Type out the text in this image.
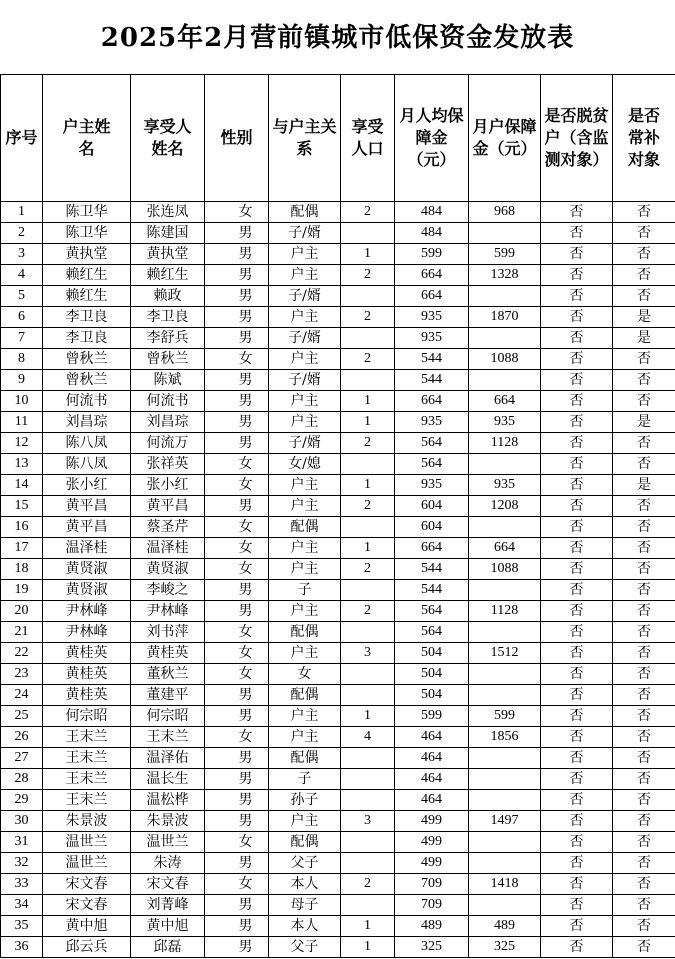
2025年2月营前镇城市低保资金发放表
序号	户主姓名	享受人姓名	性别	与户主关系	享受人口	月人均保障金（元）	月户保障金（元）	是否脱贫户（含监测对象）	是否常补对象
1	陈卫华	张连凤	女	配偶	2	484	968	否	否
2	陈卫华	陈建国	男	子/婿		484		否	否
3	黄执堂	黄执堂	男	户主	1	599	599	否	否
4	赖红生	赖红生	男	户主	2	664	1328	否	否
5	赖红生	赖政	男	子/婿		664		否	否
6	李卫良	李卫良	男	户主	2	935	1870	否	是
7	李卫良	李舒兵	男	子/婿		935		否	是
8	曾秋兰	曾秋兰	女	户主	2	544	1088	否	否
9	曾秋兰	陈斌	男	子/婿		544		否	否
10	何流书	何流书	男	户主	1	664	664	否	否
11	刘昌琮	刘昌琮	男	户主	1	935	935	否	是
12	陈八凤	何流万	男	子/婿	2	564	1128	否	否
13	陈八凤	张祥英	女	女/媳		564		否	否
14	张小红	张小红	女	户主	1	935	935	否	是
15	黄平昌	黄平昌	男	户主	2	604	1208	否	否
16	黄平昌	蔡圣芹	女	配偶		604		否	否
17	温泽桂	温泽桂	女	户主	1	664	664	否	否
18	黄贤淑	黄贤淑	女	户主	2	544	1088	否	否
19	黄贤淑	李峻之	男	子		544		否	否
20	尹林峰	尹林峰	男	户主	2	564	1128	否	否
21	尹林峰	刘书萍	女	配偶		564		否	否
22	黄桂英	黄桂英	女	户主	3	504	1512	否	否
23	黄桂英	董秋兰	女	女		504		否	否
24	黄桂英	董建平	男	配偶		504		否	否
25	何宗昭	何宗昭	男	户主	1	599	599	否	否
26	王末兰	王末兰	女	户主	4	464	1856	否	否
27	王末兰	温泽佑	男	配偶		464		否	否
28	王末兰	温长生	男	子		464		否	否
29	王末兰	温松桦	男	孙子		464		否	否
30	朱景波	朱景波	男	户主	3	499	1497	否	否
31	温世兰	温世兰	女	配偶		499		否	否
32	温世兰	朱涛	男	父子		499		否	否
33	宋文春	宋文春	女	本人	2	709	1418	否	否
34	宋文春	刘菁峰	男	母子		709		否	否
35	黄中旭	黄中旭	男	本人	1	489	489	否	否
36	邱云兵	邱磊	男	父子	1	325	325	否	否
